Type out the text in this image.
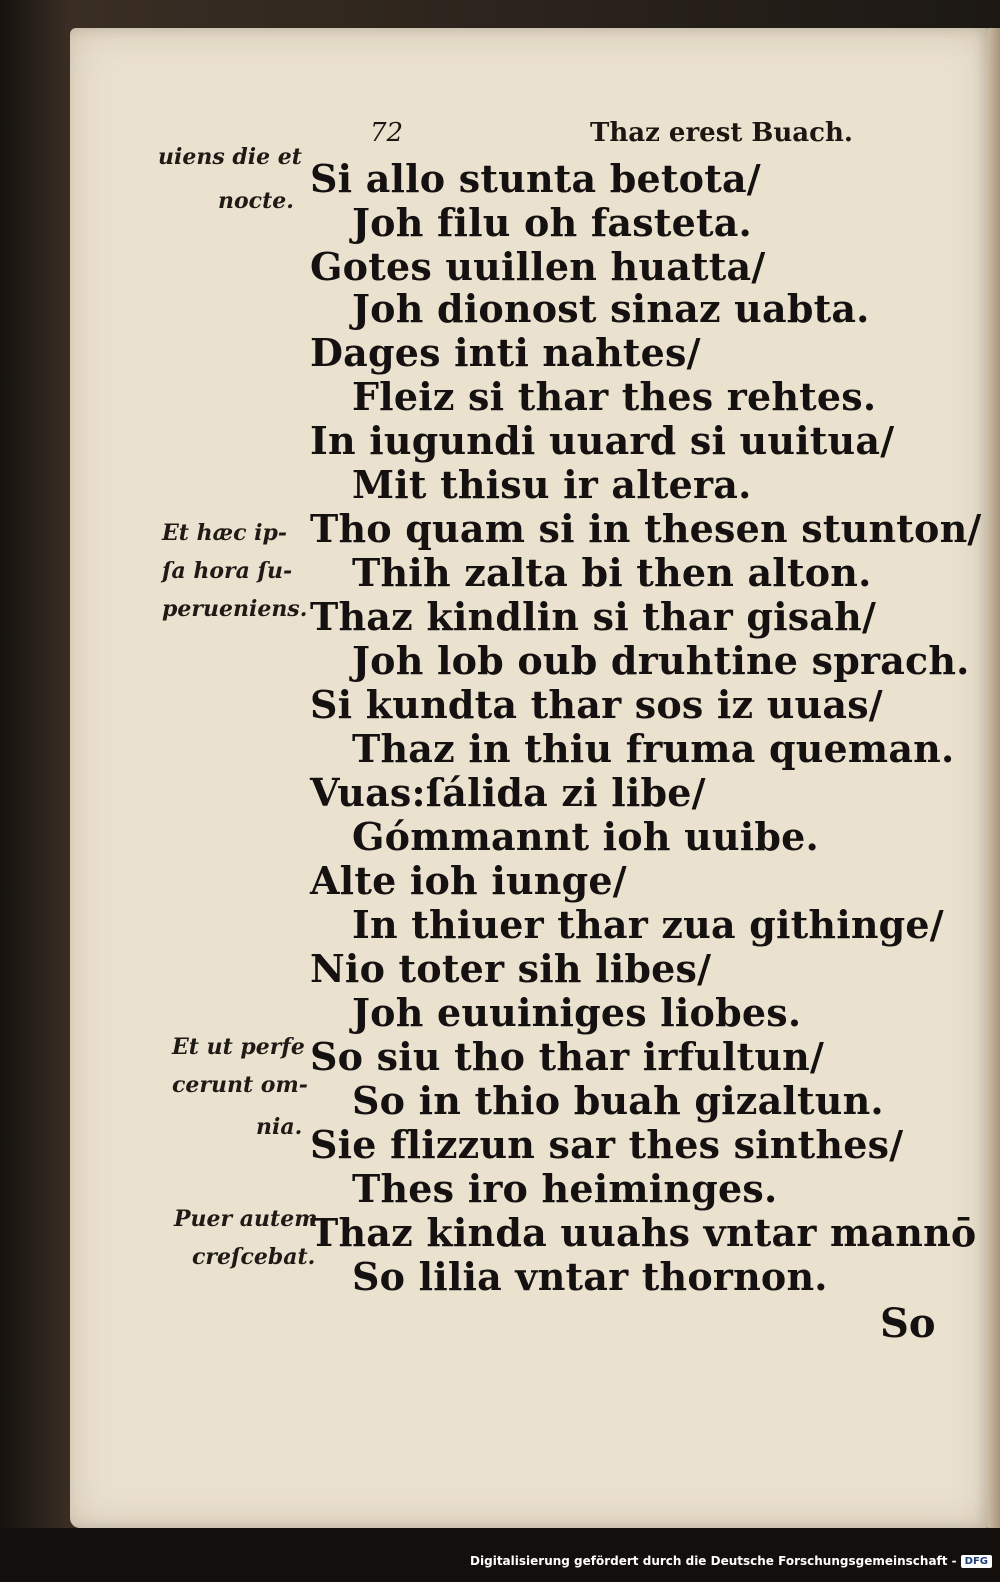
72	Thaz erest Buach.
Si allo stunta betota/
Joh filu oh fasteta.
Gotes uuillen huatta/
Joh dionost sinaz uabta.
Dages inti nahtes/
Fleiz si thar thes rehtes.
In iugundi uuard si uuitua/
Mit thisu ir altera.
Tho quam si in thesen stunton/
Thih zalta bi then alton.
Thaz kindlin si thar gisah/
Joh lob oub druhtine sprach.
Si kundta thar sos iz uuas/
Thaz in thiu fruma queman.
Vuas:ſálida zi libe/
Gómmannt ioh uuibe.
Alte ioh iunge/
In thiuer thar zua githinge/
Nio toter sih libes/
Joh euuiniges liobes.
So siu tho thar irfultun/
So in thio buah gizaltun.
Sie flizzun sar thes sinthes/
Thes iro heiminges.
Thaz kinda uuahs vntar mannō
So lilia vntar thornon.
uiens die et
nocte.
Et hæc ip-
ſa hora ſu-
perueniens.
Et ut perfe
cerunt om-
nia.
Puer autem
creſcebat.
So
Digitalisierung gefördert durch die Deutsche Forschungsgemeinschaft - DFG
